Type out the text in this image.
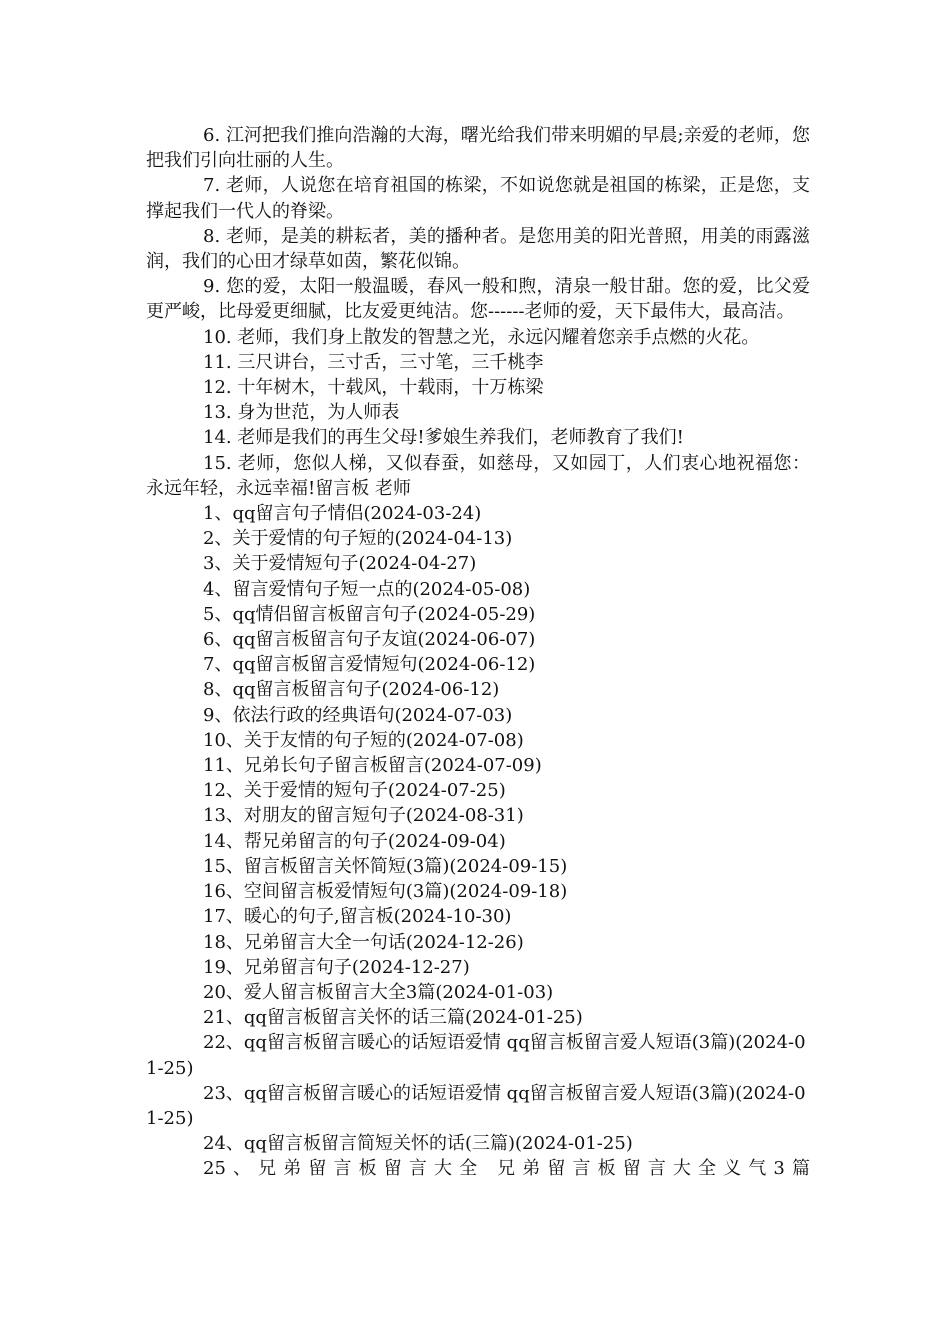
6. 江河把我们推向浩瀚的大海，曙光给我们带来明媚的早晨;亲爱的老师，您把我们引向壮丽的人生。

7. 老师，人说您在培育祖国的栋梁，不如说您就是祖国的栋梁，正是您，支撑起我们一代人的脊梁。

8. 老师，是美的耕耘者，美的播种者。是您用美的阳光普照，用美的雨露滋润，我们的心田才绿草如茵，繁花似锦。

9. 您的爱，太阳一般温暖，春风一般和煦，清泉一般甘甜。您的爱，比父爱更严峻，比母爱更细腻，比友爱更纯洁。您------老师的爱，天下最伟大，最高洁。

10. 老师，我们身上散发的智慧之光，永远闪耀着您亲手点燃的火花。

11. 三尺讲台，三寸舌，三寸笔，三千桃李

12. 十年树木，十载风，十载雨，十万栋梁

13. 身为世范，为人师表

14. 老师是我们的再生父母!爹娘生养我们，老师教育了我们!

15. 老师，您似人梯，又似春蚕，如慈母，又如园丁，人们衷心地祝福您：永远年轻，永远幸福!留言板 老师

1、qq留言句子情侣(2024-03-24)

2、关于爱情的句子短的(2024-04-13)

3、关于爱情短句子(2024-04-27)

4、留言爱情句子短一点的(2024-05-08)

5、qq情侣留言板留言句子(2024-05-29)

6、qq留言板留言句子友谊(2024-06-07)

7、qq留言板留言爱情短句(2024-06-12)

8、qq留言板留言句子(2024-06-12)

9、依法行政的经典语句(2024-07-03)

10、关于友情的句子短的(2024-07-08)

11、兄弟长句子留言板留言(2024-07-09)

12、关于爱情的短句子(2024-07-25)

13、对朋友的留言短句子(2024-08-31)

14、帮兄弟留言的句子(2024-09-04)

15、留言板留言关怀简短(3篇)(2024-09-15)

16、空间留言板爱情短句(3篇)(2024-09-18)

17、暖心的句子,留言板(2024-10-30)

18、兄弟留言大全一句话(2024-12-26)

19、兄弟留言句子(2024-12-27)

20、爱人留言板留言大全3篇(2024-01-03)

21、qq留言板留言关怀的话三篇(2024-01-25)

22、qq留言板留言暖心的话短语爱情 qq留言板留言爱人短语(3篇)(2024-01-25)

23、qq留言板留言暖心的话短语爱情 qq留言板留言爱人短语(3篇)(2024-01-25)

24、qq留言板留言简短关怀的话(三篇)(2024-01-25)

25、兄弟留言板留言大全 兄弟留言板留言大全义气3篇
